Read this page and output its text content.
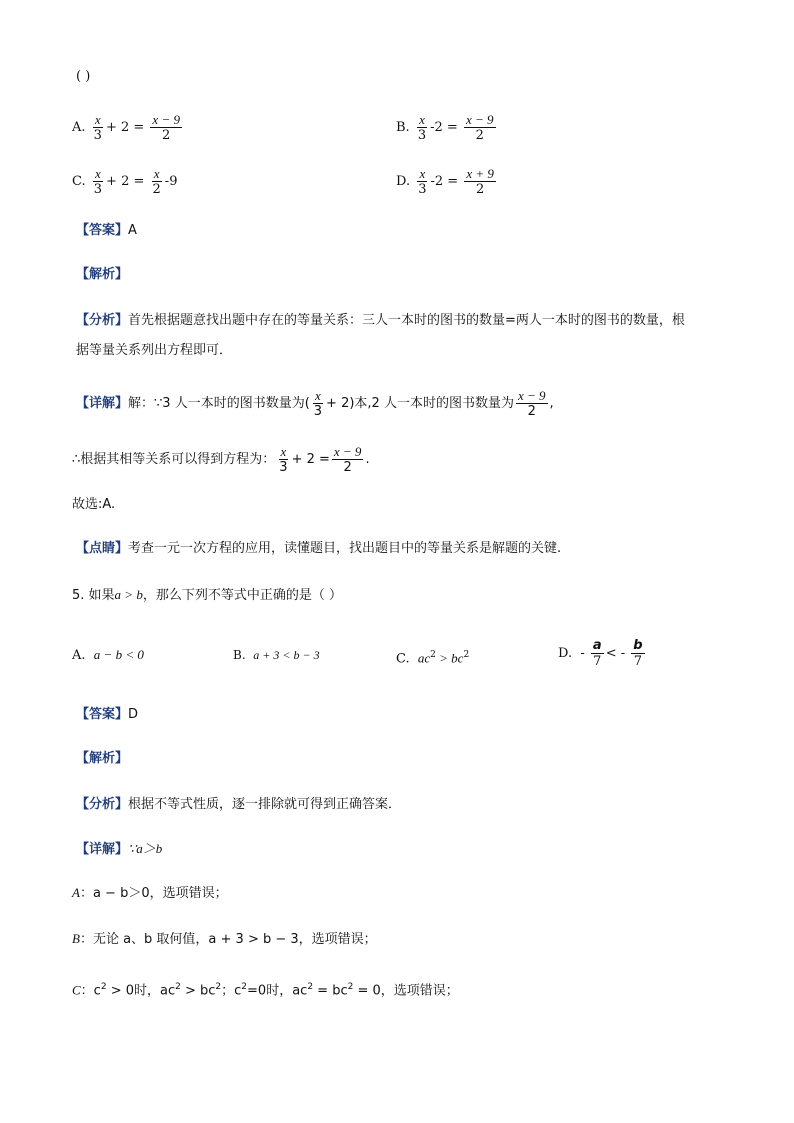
( )
A. $\frac{x}{3} + 2 = \frac{x - 9}{2}$	B. $\frac{x}{3} -2 = \frac{x - 9}{2}$
C. $\frac{x}{3} + 2 = \frac{x}{2} -9$	D. $\frac{x}{3} -2 = \frac{x + 9}{2}$
【答案】A
【解析】
【分析】首先根据题意找出题中存在的等量关系：三人一本时的图书的数量=两人一本时的图书的数量，根
据等量关系列出方程即可．
【详解】解：∵3 人一本时的图书数量为( $\frac{x}{3} + 2$)本,2 人一本时的图书数量为 $\frac{x - 9}{2}$ ,
∴根据其相等关系可以得到方程为： $\frac{x}{3} + 2 = \frac{x - 9}{2}$ .
故选:A.
【点睛】考查一元一次方程的应用，读懂题目，找出题目中的等量关系是解题的关键.
5. 如果a > b，那么下列不等式中正确的是（ ）
A. a − b < 0	B. a + 3 < b − 3	C. $ac^2 > bc^2$	D. - $\frac{a}{7}$ < - $\frac{b}{7}$
【答案】D
【解析】
【分析】根据不等式性质，逐一排除就可得到正确答案．
【详解】∵a＞b
A：a − b＞0，选项错误；
B：无论 a、b 取何值，a + 3 > b − 3，选项错误；
C：$c^2 > 0$时，$ac^2 > bc^2$；$c^2=0$时，$ac^2 = bc^2 = 0$，选项错误；
